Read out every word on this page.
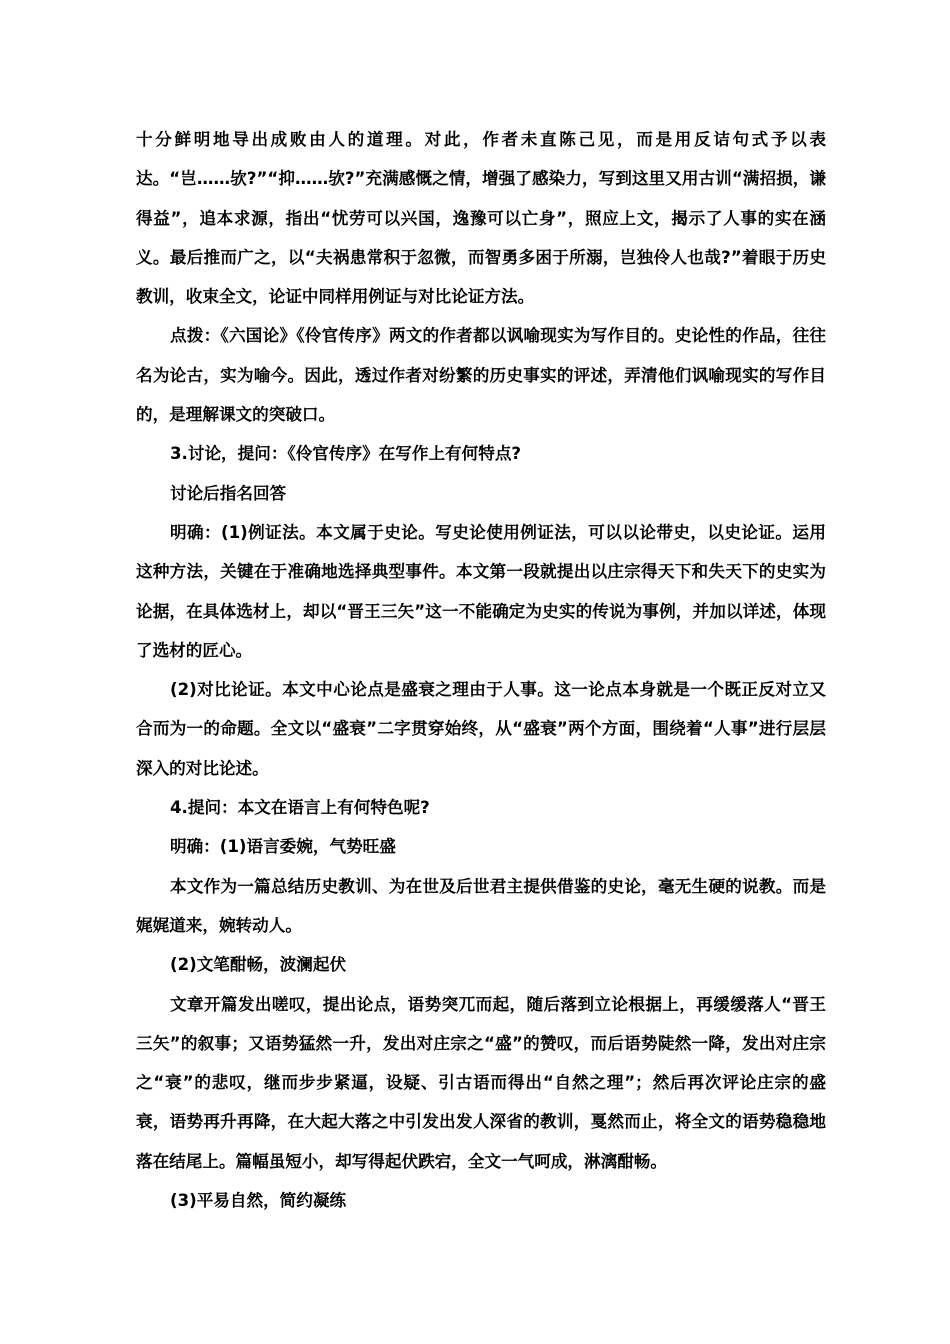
十分鲜明地导出成败由人的道理。对此，作者未直陈己见，而是用反诘句式予以表达。“岂……欤?”“抑……欤?”充满感慨之情，增强了感染力，写到这里又用古训“满招损，谦得益”，追本求源，指出“忧劳可以兴国，逸豫可以亡身”，照应上文，揭示了人事的实在涵义。最后推而广之，以“夫祸患常积于忽微，而智勇多困于所溺，岂独伶人也哉?”着眼于历史教训，收束全文，论证中同样用例证与对比论证方法。

点拨：《六国论》《伶官传序》两文的作者都以讽喻现实为写作目的。史论性的作品，往往名为论古，实为喻今。因此，透过作者对纷繁的历史事实的评述，弄清他们讽喻现实的写作目的，是理解课文的突破口。

3.讨论，提问：《伶官传序》在写作上有何特点?

讨论后指名回答

明确：(1)例证法。本文属于史论。写史论使用例证法，可以以论带史，以史论证。运用这种方法，关键在于准确地选择典型事件。本文第一段就提出以庄宗得天下和失天下的史实为论据，在具体选材上，却以“晋王三矢”这一不能确定为史实的传说为事例，并加以详述，体现了选材的匠心。

(2)对比论证。本文中心论点是盛衰之理由于人事。这一论点本身就是一个既正反对立又合而为一的命题。全文以“盛衰”二字贯穿始终，从“盛衰”两个方面，围绕着“人事”进行层层深入的对比论述。

4.提问：本文在语言上有何特色呢?

明确：(1)语言委婉，气势旺盛

本文作为一篇总结历史教训、为在世及后世君主提供借鉴的史论，毫无生硬的说教。而是娓娓道来，婉转动人。

(2)文笔酣畅，波澜起伏

文章开篇发出嗟叹，提出论点，语势突兀而起，随后落到立论根据上，再缓缓落人“晋王三矢”的叙事；又语势猛然一升，发出对庄宗之“盛”的赞叹，而后语势陡然一降，发出对庄宗之“衰”的悲叹，继而步步紧逼，设疑、引古语而得出“自然之理”；然后再次评论庄宗的盛衰，语势再升再降，在大起大落之中引发出发人深省的教训，戛然而止，将全文的语势稳稳地落在结尾上。篇幅虽短小，却写得起伏跌宕，全文一气呵成，淋漓酣畅。

(3)平易自然，简约凝练
